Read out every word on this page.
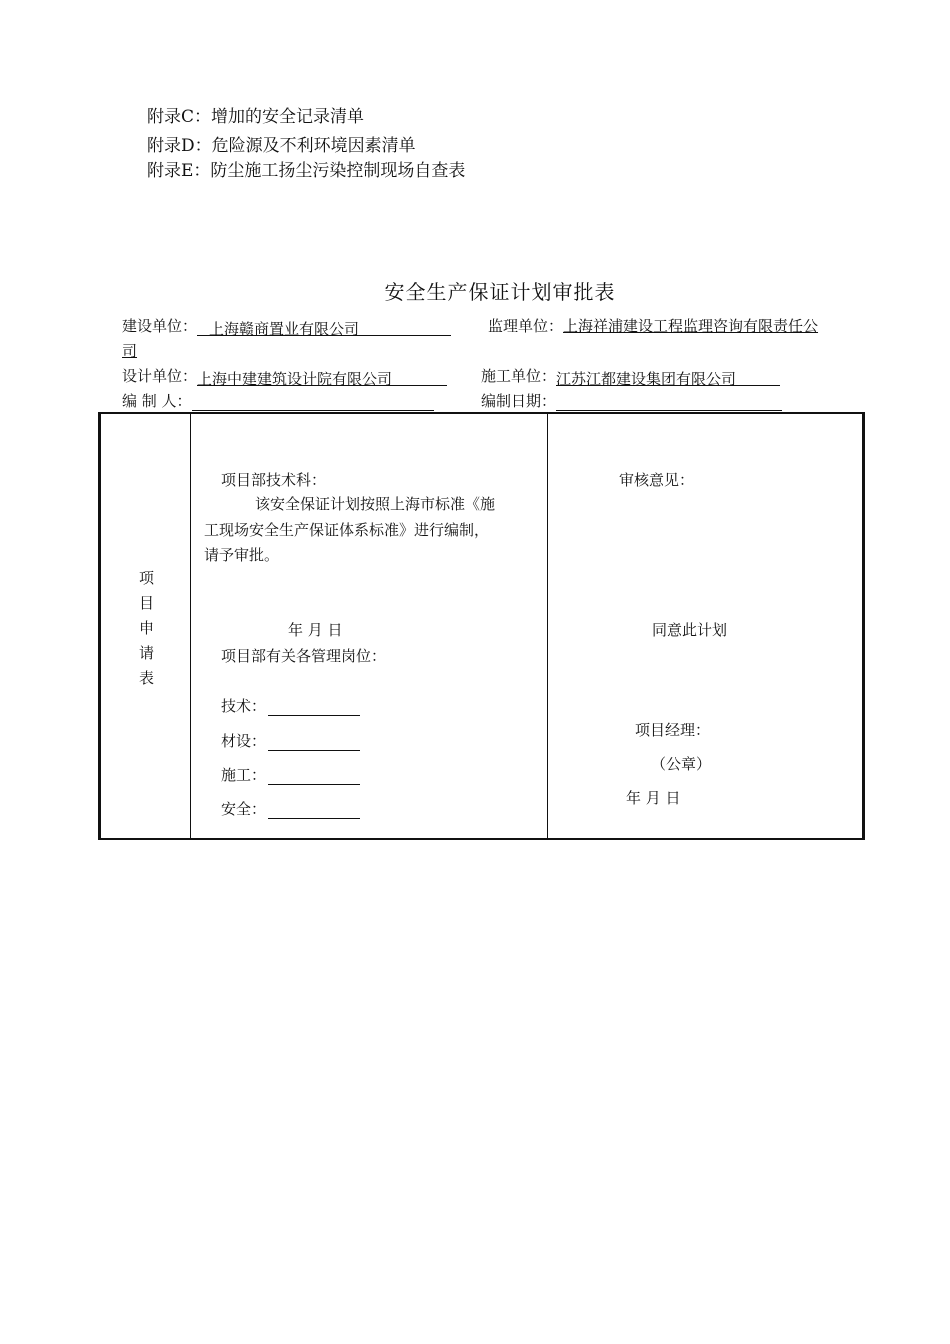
附录C：增加的安全记录清单
附录D：危险源及不利环境因素清单
附录E：防尘施工扬尘污染控制现场自查表
安全生产保证计划审批表
建设单位： 上海赣商置业有限公司	监理单位：上海祥浦建设工程监理咨询有限责任公
司
设计单位：上海中建建筑设计院有限公司	施工单位：江苏江都建设集团有限公司
编 制 人：	编制日期：
项
目
申
请
表
项目部技术科：
该安全保证计划按照上海市标准《施
工现场安全生产保证体系标准》进行编制，
请予审批。
年 月 日
项目部有关各管理岗位：
技术：
材设：
施工：
安全：
审核意见：
同意此计划
项目经理：
（公章）
年 月 日
